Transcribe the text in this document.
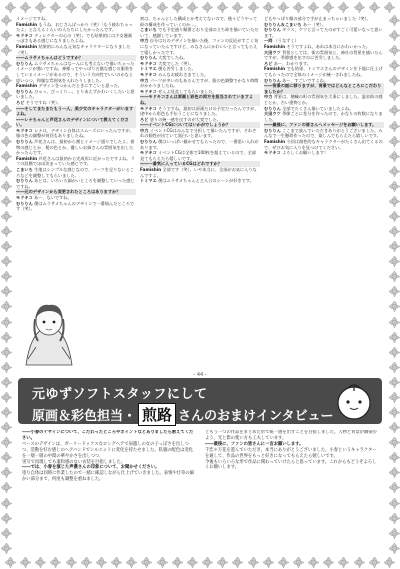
イメージですね。

Famishin もうね、おじさんばっかり（笑）「もう疲れちゃったよ」と言えるくらいの人たちにしたかったんです。

モドキコ ディレクターの心の（笑）。でも結果的には少女漫画っぽさもある感じになりましたよね。

Famishin 結果的にみんな元気なキャラクターになりました（笑）。

――ムラサメちゃんはどうですか？

むりりん ムラサメちゃんはなーんにも考えないで描いちゃったイメージが強いですね。神様ってやっぱり古風な感じの服装をしているイメージがあるので、そういう方向性でいいのかなと思いつつ、和風な雰囲気を入れたりしました。

Famishin デザインをつかんだときにすごいと思った。

むりりん ひゃっ、びっくり…。とりあえずかわいくしたいと思いました。

ろど そうですね（笑）。

――そしてまたまたもう一人、美少女のキャラクターがいますよね。

――レナちゃんと芦花さんのデザインについて教えてください。

モドキコ レナは、デザイン自体はスムーズにいったんですが、服の色の調整が何回もありましたね。

むりりん 芦花さんは、最初から割とイメージ通りでしたよ。着物の感じとか、髪の色とか。優しいお姉さんの雰囲気を出したかったんです。

Famishin 芦花さんは最初から完成形に近かったですよね。ラフの段階でほぼ決まっていた感じです。

こまいち 生地はシンプルな感じなので、パーツを足りないところなどを調整してもらいました。

むりりん あとは、いろいろ細かいところを調整していった感じですね。

――元のデザインから変更されたところはありますか？

モドキコ あー、ないですね。

むりりん 僕はムラサメちゃんのデザインで一番悩んだところです（笑）。

初は、ちゃんとした構成とか考えてないので、後々どうやって絵の構成を作っていくのか…。

こまいち でも予定通り順番どおり全部の立ち絵を描いていただいて、感謝しています。

中力 自分は万のデザインを描いた後、ファンの反応がすごく気になっていたんですけど、みなさんにかわいいと言ってもらえて嬉しかったです。

むりりん 大変でしたね。

モドキコ 大変でした（笑）。

トミマエ 僕も苦労しました。

モドキコ みんなお疲れさまでした。

中力 パーツが多いのもあるんですが、服の色調整でかなり時間がかかりましたね。

モドキコ ぜんぶ見直してもらいました。

――モドキコさんは原画と彩色の両方を担当されていますよね。

モドキコ そうですね。最初は原画だけの予定だったんですが、途中から彩色も手伝うことになりました。

ろど 塗りの統一感を出すのが大変でした。

――イベントCGについてはいかがでしょうか？

中力 イベントCGはみんなで分担して描いたんですが、それぞれの個性が出ていて面白いと思います。

むりりん 僕はいっぱい描かせてもらったので、一番思い入れがあります。

モドキコ イベントCGは全体で100枚を超えているので、全部見てもらえたら嬉しいです。

――一番気に入っているCGはどれですか？

Famishin 全部です（笑）。いや本当に、全部がお気に入りなんですよ。

トミマエ 僕はムラサメちゃんと主人公のシーンが好きです。

どもやっぱり顔の部分で手が止まっちゃいました（笑）。

むりりん＆こまいち あー（笑）。

むりりん ギラス、ケツと言ってたのがすごく可愛いなって思います。

一同 （うなずく）

Famishin そうですよね、あれは本当にかわいかった。

大田ウツ 背景としては、街の雰囲気と、神社の背景を描いたんですが、季節感を出すのに苦労しました。

ろど あー、わかります。

Famishin でも結果、トミマエさんのデザインを下地に仕上げてもらったので全体のイメージが統一されましたね。

むりりん あー、すごいですよね。

――背景の話に移りますが、背景ではどんなところにこだわりましたか？

中力 背景は、穂織の町の雰囲気を大事にしました。温泉街の感じとか、古い建物とか。

むりりん 全部でたくさん描いていましたよね。

大田ウツ 季節ごとに差分を作ったので、かなりの枚数になりました。

――最後に、ファンの皆さんへメッセージをお願いします。

むりりん ここまで読んでいただきありがとうございました。みんなで一生懸命作ったので、楽しんでもらえたら嬉しいです。

Famishin 今回は個性的なキャラクターがたくさん出てくるので、ぜひお気に入りを見つけてください。

モドキコ よろしくお願いします！

- 44 -
元ゆずソフトスタッフにして
原画＆彩色担当・ 煎路 さんのおまけインタビュー

――小春のデザインについて、こだわったところやポイントなどありましたら教えてください。

ベースのデザインは、ガーリードックスなロングヘアで肩越しの女の子っぽさを出しつつ、活動を好む感じのヘアバンドでシルエットに変化を持たせました。私服の配色は変化を一層一層の中間の華やかさを出しつつ、

実写で再現しても違和感のない衣装を目指しました。

――では、小春を演じた声優さんの印象について、お聞かせください。

塗り自体は同時に作業したので一緒に確認しながら仕上げていきました。表情や仕草の細かい部分まで、何度も調整を重ねました。

ともう一つの作品をまとめた形で統一感を出すことを目指しました。人物と背景が馴染むよう、光と影の使い方も工夫しています。

――最後に、ファンの皆さんに一言お願いします。

千恋＊万花を遊んでいただき、本当にありがとうございました。小春というキャラクターを通して、作品の世界をもっと好きになってもらえたら嬉しいです。

今後もいろいろな形で作品に関わっていけたらと思っています。これからもどうぞよろしくお願いします。
